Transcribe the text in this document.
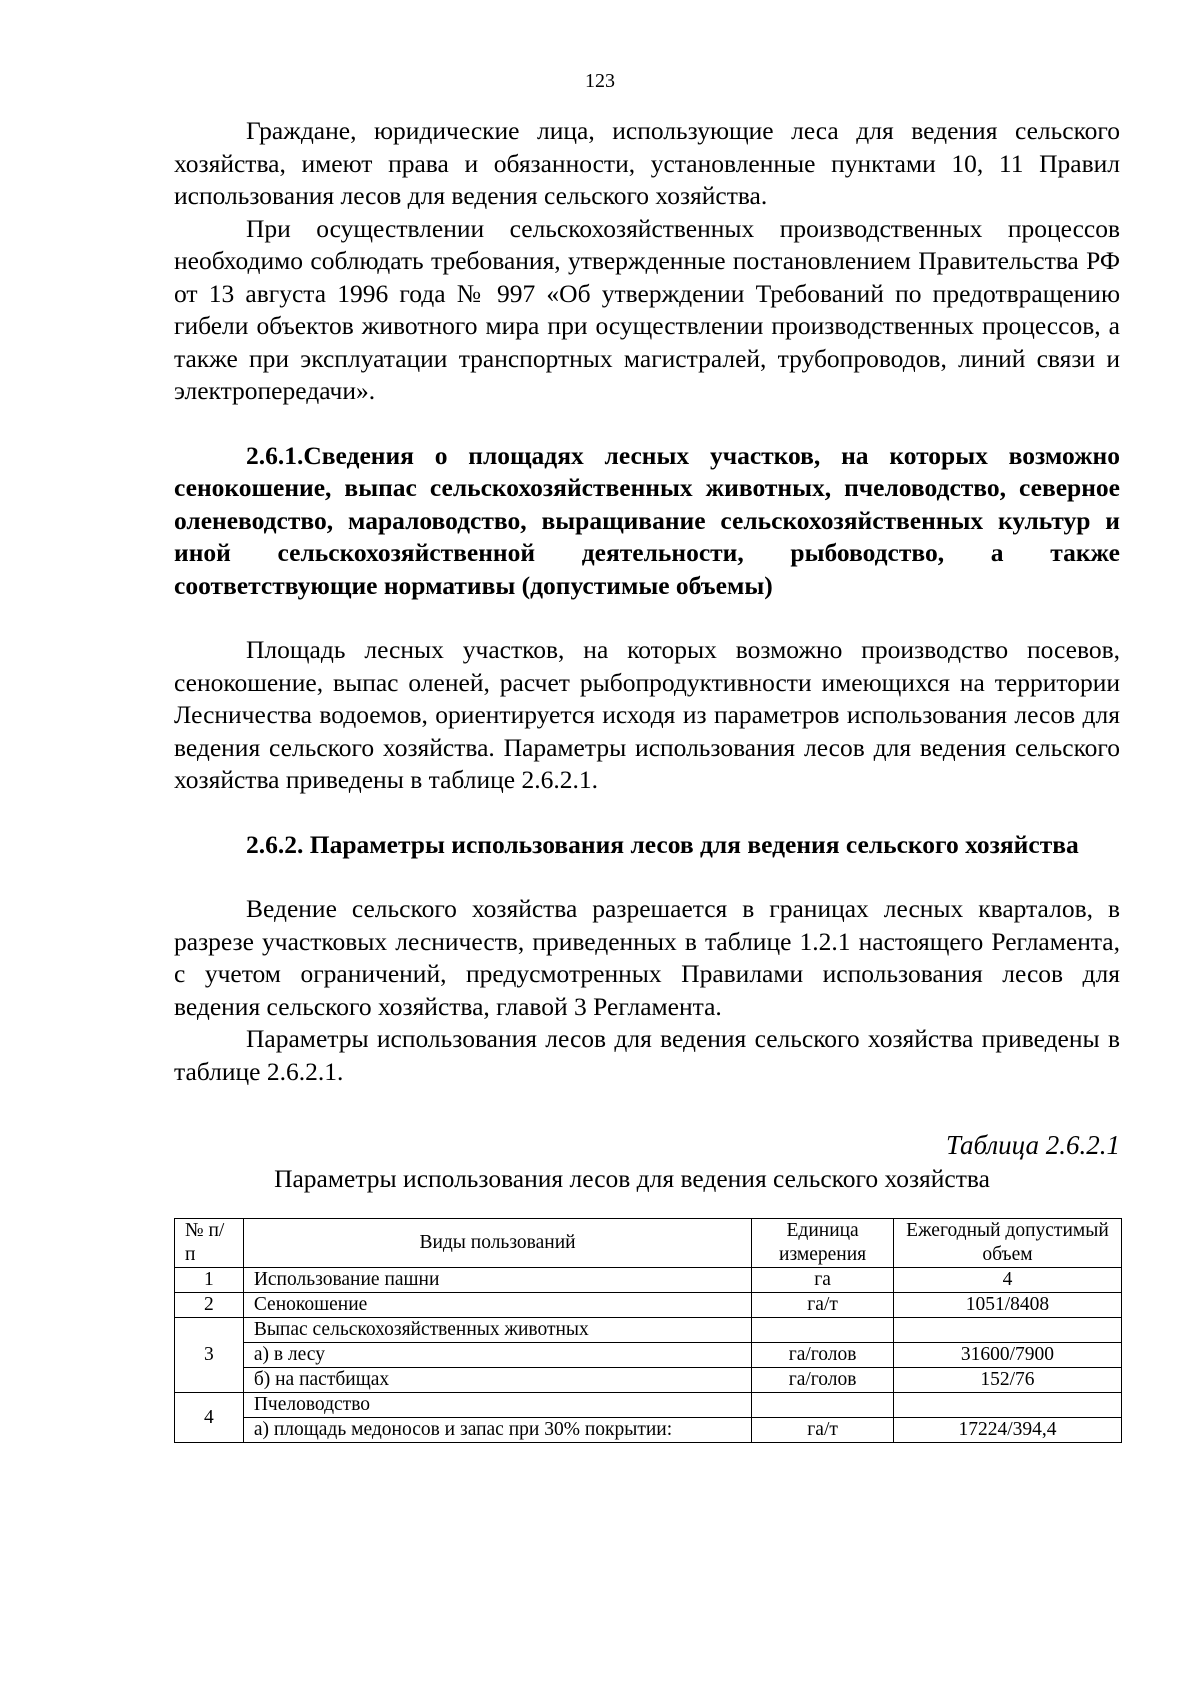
123

Граждане, юридические лица, использующие леса для ведения сельского хозяйства, имеют права и обязанности, установленные пунктами 10, 11 Правил использования лесов для ведения сельского хозяйства.

При осуществлении сельскохозяйственных производственных процессов необходимо соблюдать требования, утвержденные постановлением Правительства РФ от 13 августа 1996 года № 997 «Об утверждении Требований по предотвращению гибели объектов животного мира при осуществлении производственных процессов, а также при эксплуатации транспортных магистралей, трубопроводов, линий связи и электропередачи».

2.6.1.Сведения о площадях лесных участков, на которых возможно сенокошение, выпас сельскохозяйственных животных, пчеловодство, северное оленеводство, мараловодство, выращивание сельскохозяйственных культур и иной сельскохозяйственной деятельности, рыбоводство, а также соответствующие нормативы (допустимые объемы)

Площадь лесных участков, на которых возможно производство посевов, сенокошение, выпас оленей, расчет рыбопродуктивности имеющихся на территории Лесничества водоемов, ориентируется исходя из параметров использования лесов для ведения сельского хозяйства. Параметры использования лесов для ведения сельского хозяйства приведены в таблице 2.6.2.1.

2.6.2. Параметры использования лесов для ведения сельского хозяйства

Ведение сельского хозяйства разрешается в границах лесных кварталов, в разрезе участковых лесничеств, приведенных в таблице 1.2.1 настоящего Регламента, с учетом ограничений, предусмотренных Правилами использования лесов для ведения сельского хозяйства, главой 3 Регламента.

Параметры использования лесов для ведения сельского хозяйства приведены в таблице 2.6.2.1.

Таблица 2.6.2.1
Параметры использования лесов для ведения сельского хозяйства
№ п/п	Виды пользований	Единица измерения	Ежегодный допустимый объем
1	Использование пашни	га	4
2	Сенокошение	га/т	1051/8408
3	Выпас сельскохозяйственных животных		
	а) в лесу	га/голов	31600/7900
	б) на пастбищах	га/голов	152/76
4	Пчеловодство		
	а) площадь медоносов и запас при 30% покрытии:	га/т	17224/394,4
